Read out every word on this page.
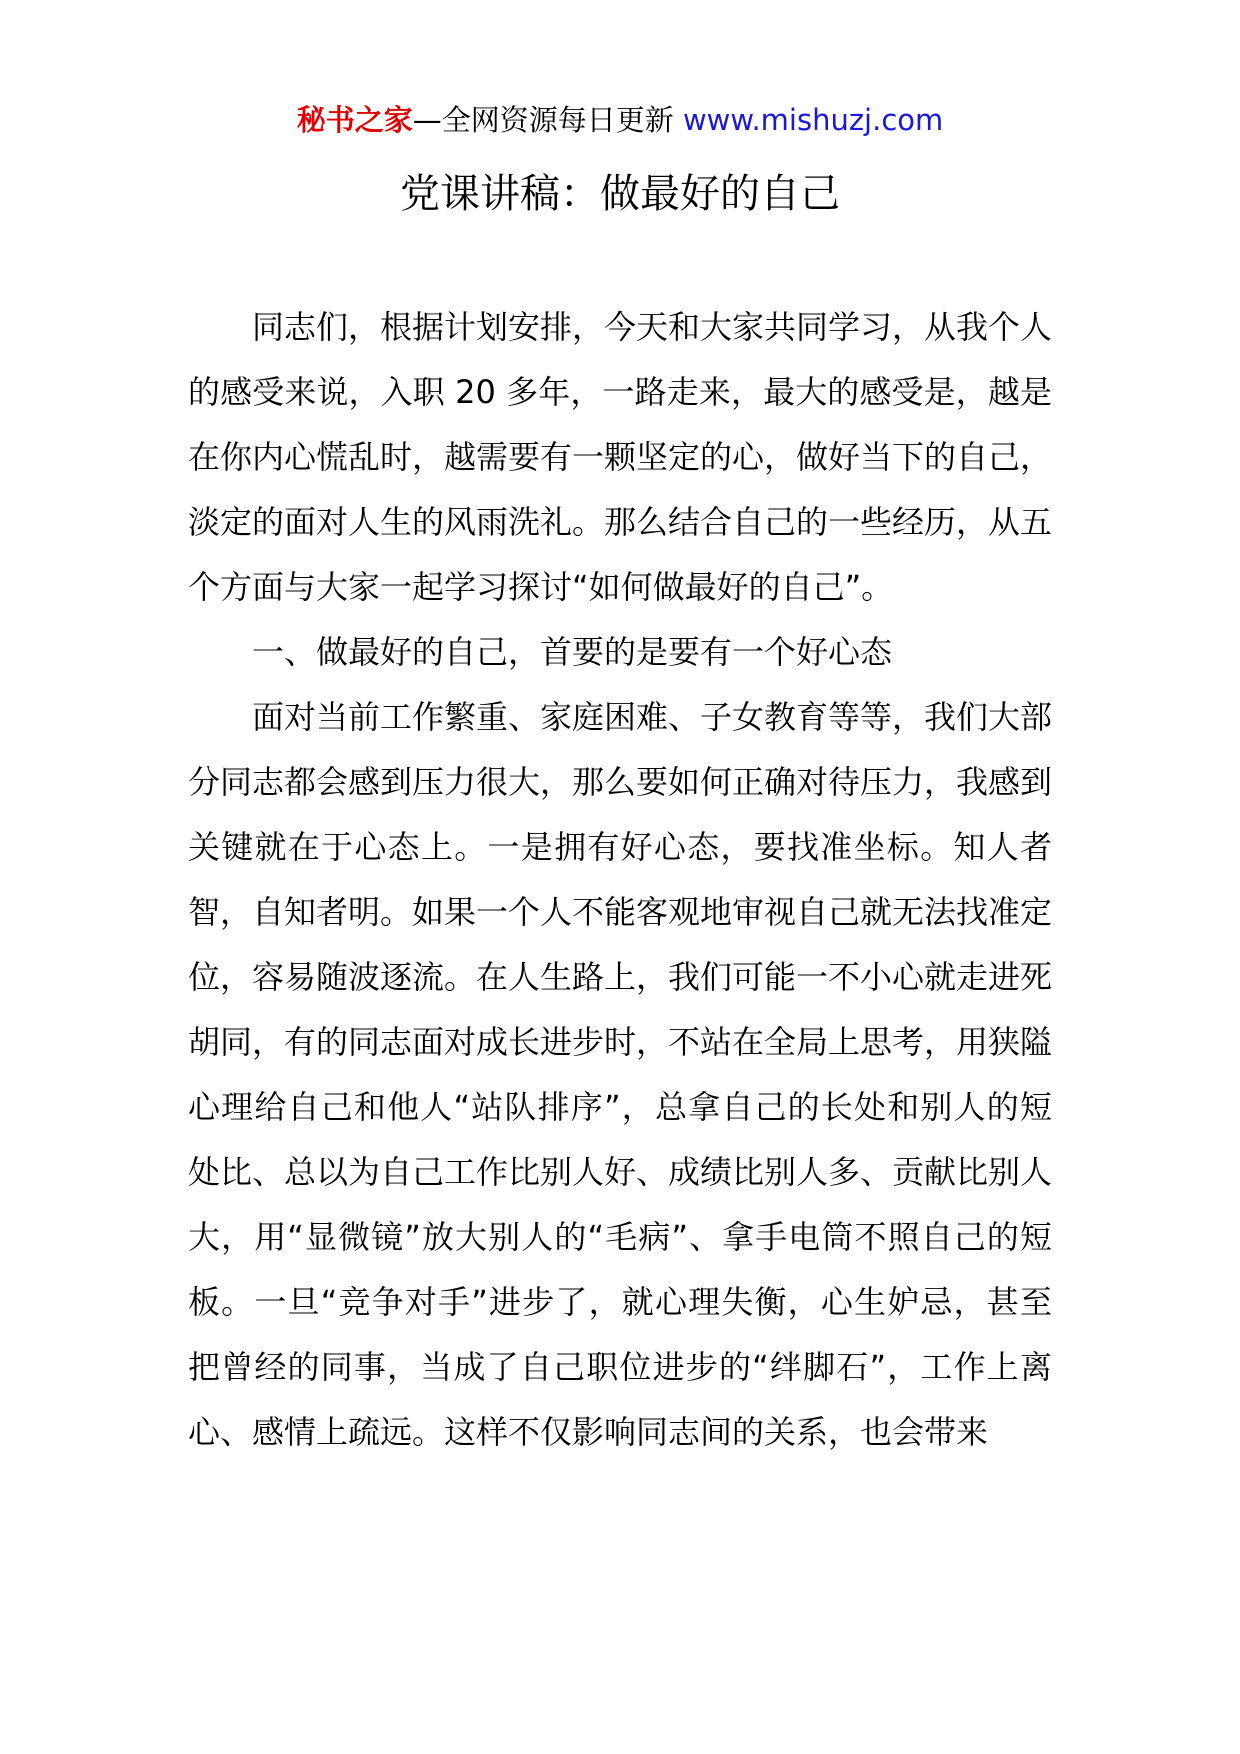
秘书之家—全网资源每日更新 www.mishuzj.com
党课讲稿：做最好的自己

同志们，根据计划安排，今天和大家共同学习，从我个人的感受来说，入职 20 多年，一路走来，最大的感受是，越是在你内心慌乱时，越需要有一颗坚定的心，做好当下的自己，淡定的面对人生的风雨洗礼。那么结合自己的一些经历，从五个方面与大家一起学习探讨“如何做最好的自己”。

一、做最好的自己，首要的是要有一个好心态

面对当前工作繁重、家庭困难、子女教育等等，我们大部分同志都会感到压力很大，那么要如何正确对待压力，我感到关键就在于心态上。一是拥有好心态，要找准坐标。知人者智，自知者明。如果一个人不能客观地审视自己就无法找准定位，容易随波逐流。在人生路上，我们可能一不小心就走进死胡同，有的同志面对成长进步时，不站在全局上思考，用狭隘心理给自己和他人“站队排序”，总拿自己的长处和别人的短处比、总以为自己工作比别人好、成绩比别人多、贡献比别人大，用“显微镜”放大别人的“毛病”、拿手电筒不照自己的短板。一旦“竞争对手”进步了，就心理失衡，心生妒忌，甚至把曾经的同事，当成了自己职位进步的“绊脚石”，工作上离心、感情上疏远。这样不仅影响同志间的关系，也会带来
